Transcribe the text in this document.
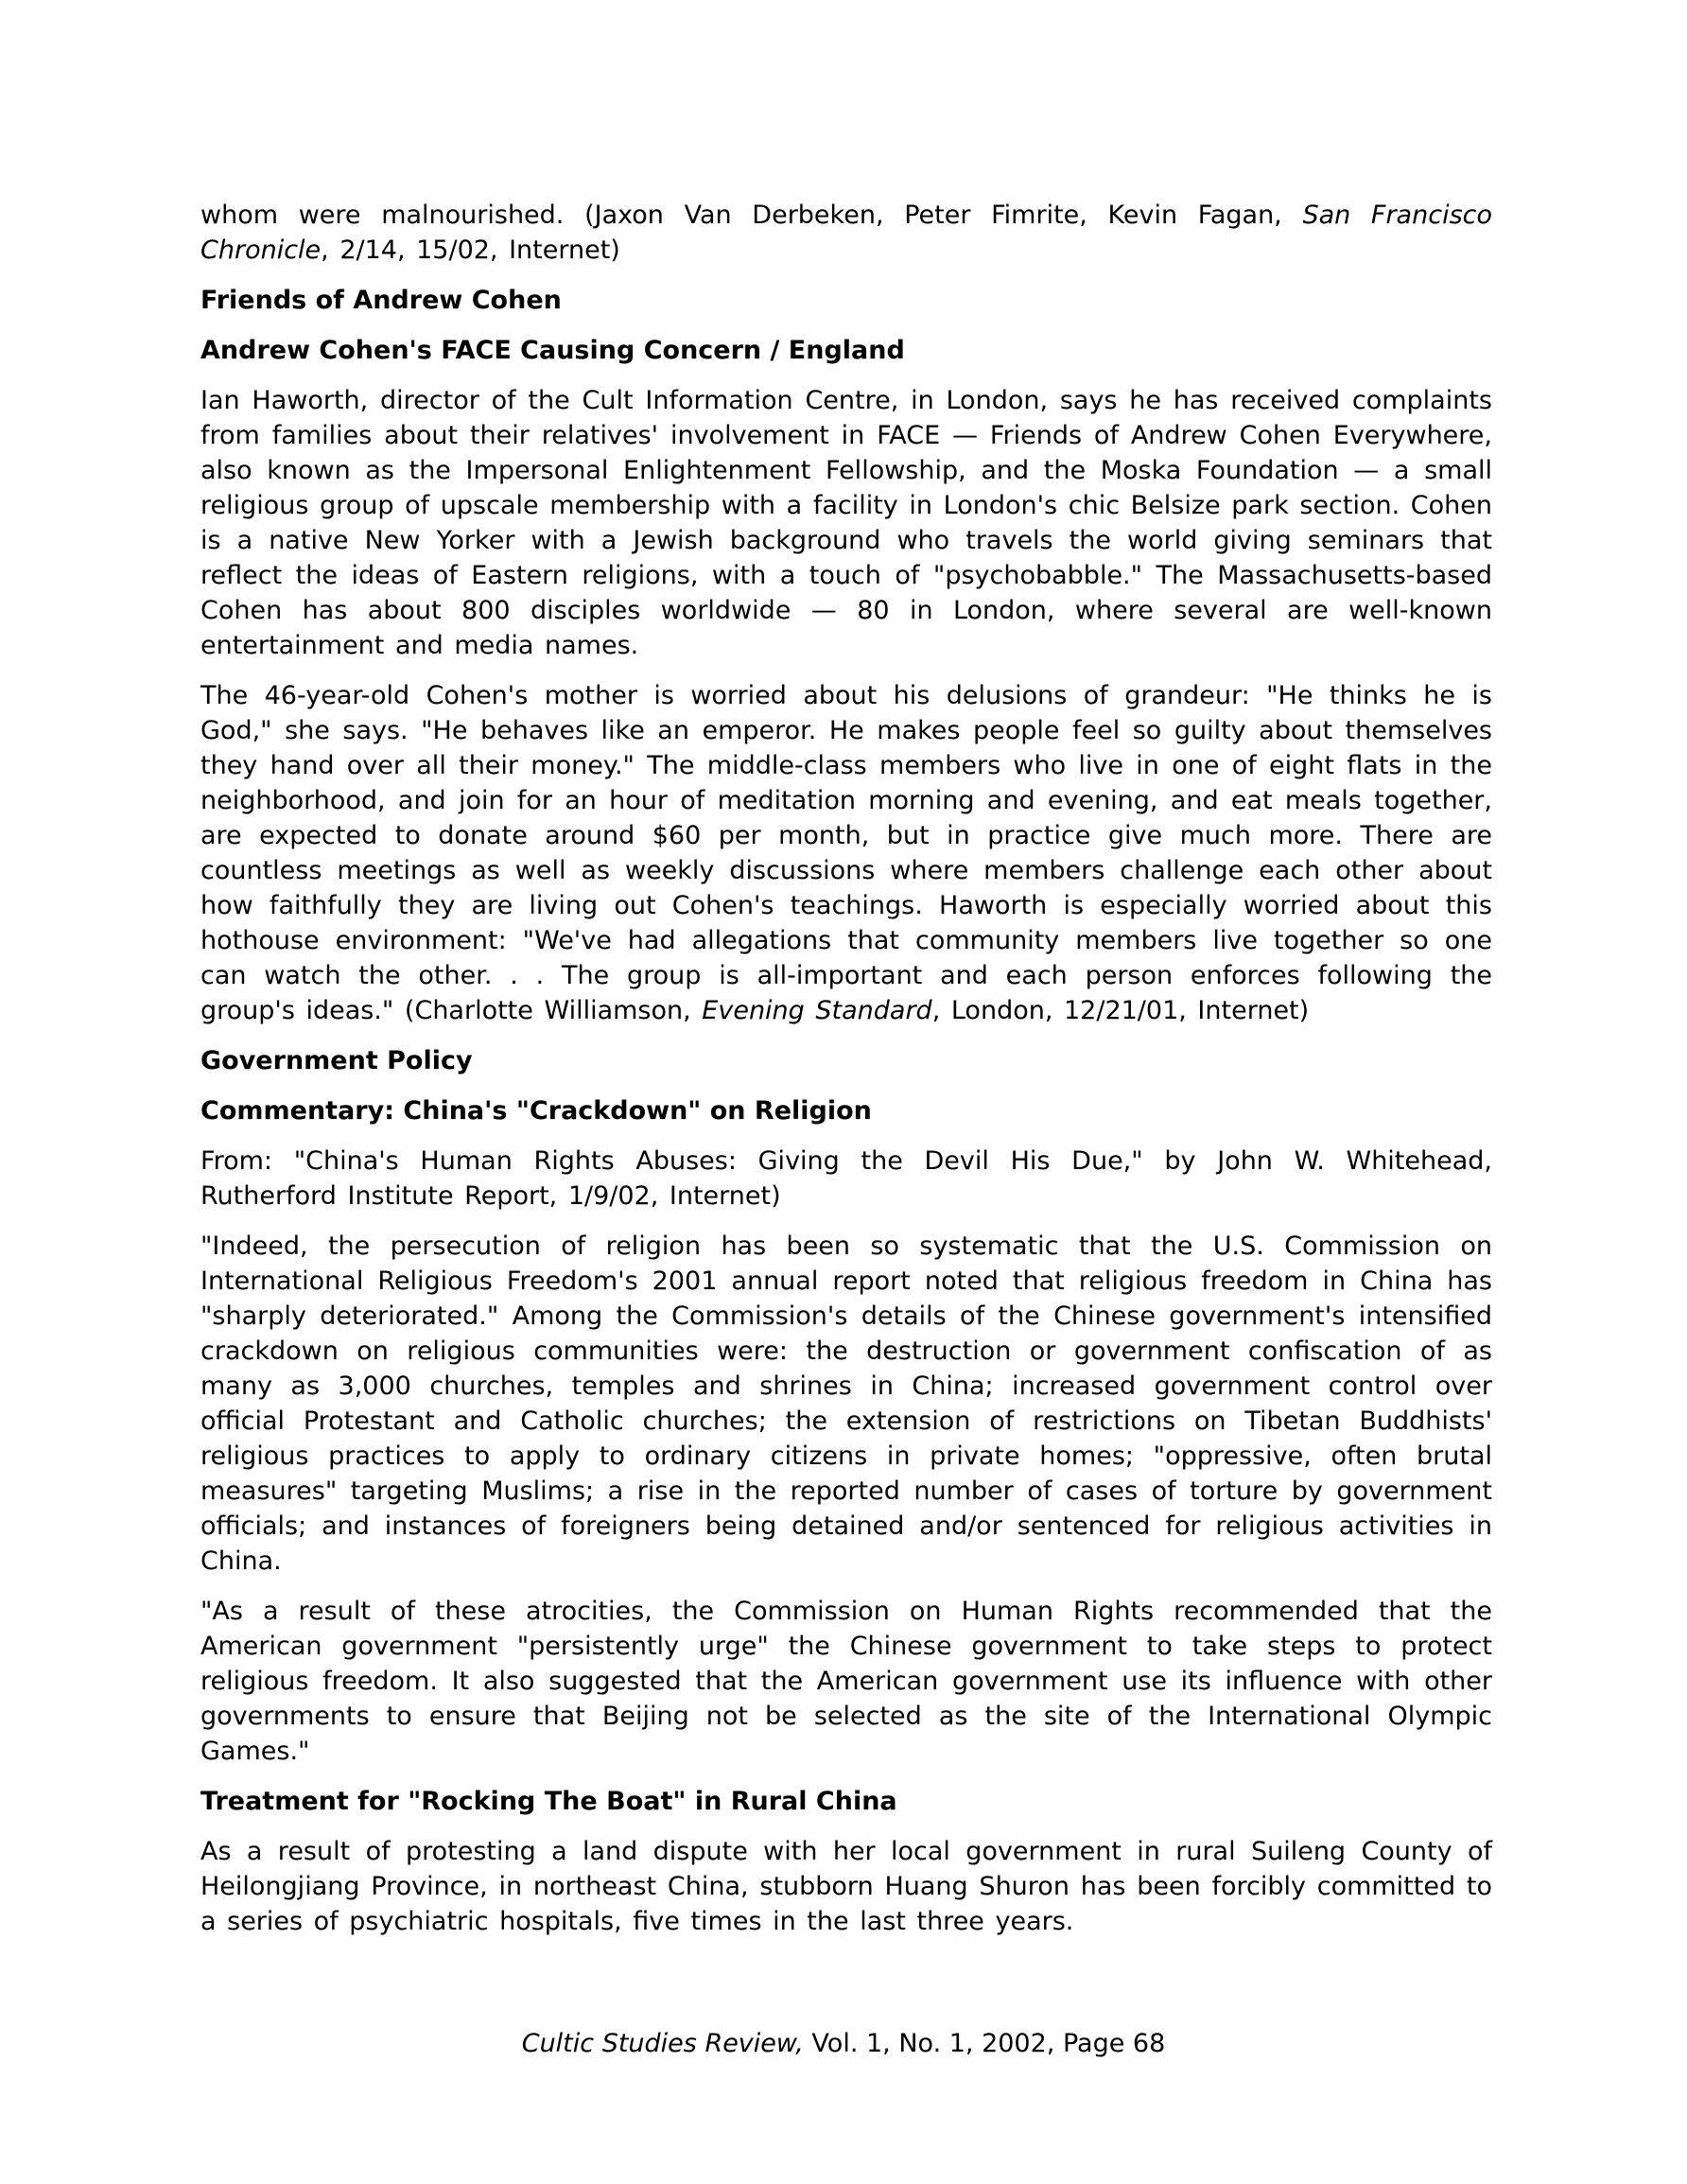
whom were malnourished. (Jaxon Van Derbeken, Peter Fimrite, Kevin Fagan, San Francisco Chronicle, 2/14, 15/02, Internet)

Friends of Andrew Cohen
Andrew Cohen's FACE Causing Concern / England

Ian Haworth, director of the Cult Information Centre, in London, says he has received complaints from families about their relatives' involvement in FACE — Friends of Andrew Cohen Everywhere, also known as the Impersonal Enlightenment Fellowship, and the Moska Foundation — a small religious group of upscale membership with a facility in London's chic Belsize park section. Cohen is a native New Yorker with a Jewish background who travels the world giving seminars that reflect the ideas of Eastern religions, with a touch of "psychobabble." The Massachusetts-based Cohen has about 800 disciples worldwide — 80 in London, where several are well-known entertainment and media names.

The 46-year-old Cohen's mother is worried about his delusions of grandeur: "He thinks he is God," she says. "He behaves like an emperor. He makes people feel so guilty about themselves they hand over all their money." The middle-class members who live in one of eight flats in the neighborhood, and join for an hour of meditation morning and evening, and eat meals together, are expected to donate around $60 per month, but in practice give much more. There are countless meetings as well as weekly discussions where members challenge each other about how faithfully they are living out Cohen's teachings. Haworth is especially worried about this hothouse environment: "We've had allegations that community members live together so one can watch the other. . . The group is all-important and each person enforces following the group's ideas." (Charlotte Williamson, Evening Standard, London, 12/21/01, Internet)

Government Policy
Commentary: China's "Crackdown" on Religion

From: "China's Human Rights Abuses: Giving the Devil His Due," by John W. Whitehead, Rutherford Institute Report, 1/9/02, Internet)

"Indeed, the persecution of religion has been so systematic that the U.S. Commission on International Religious Freedom's 2001 annual report noted that religious freedom in China has "sharply deteriorated." Among the Commission's details of the Chinese government's intensified crackdown on religious communities were: the destruction or government confiscation of as many as 3,000 churches, temples and shrines in China; increased government control over official Protestant and Catholic churches; the extension of restrictions on Tibetan Buddhists' religious practices to apply to ordinary citizens in private homes; "oppressive, often brutal measures" targeting Muslims; a rise in the reported number of cases of torture by government officials; and instances of foreigners being detained and/or sentenced for religious activities in China.

"As a result of these atrocities, the Commission on Human Rights recommended that the American government "persistently urge" the Chinese government to take steps to protect religious freedom. It also suggested that the American government use its influence with other governments to ensure that Beijing not be selected as the site of the International Olympic Games."

Treatment for "Rocking The Boat" in Rural China

As a result of protesting a land dispute with her local government in rural Suileng County of Heilongjiang Province, in northeast China, stubborn Huang Shuron has been forcibly committed to a series of psychiatric hospitals, five times in the last three years.

Cultic Studies Review, Vol. 1, No. 1, 2002, Page 68
